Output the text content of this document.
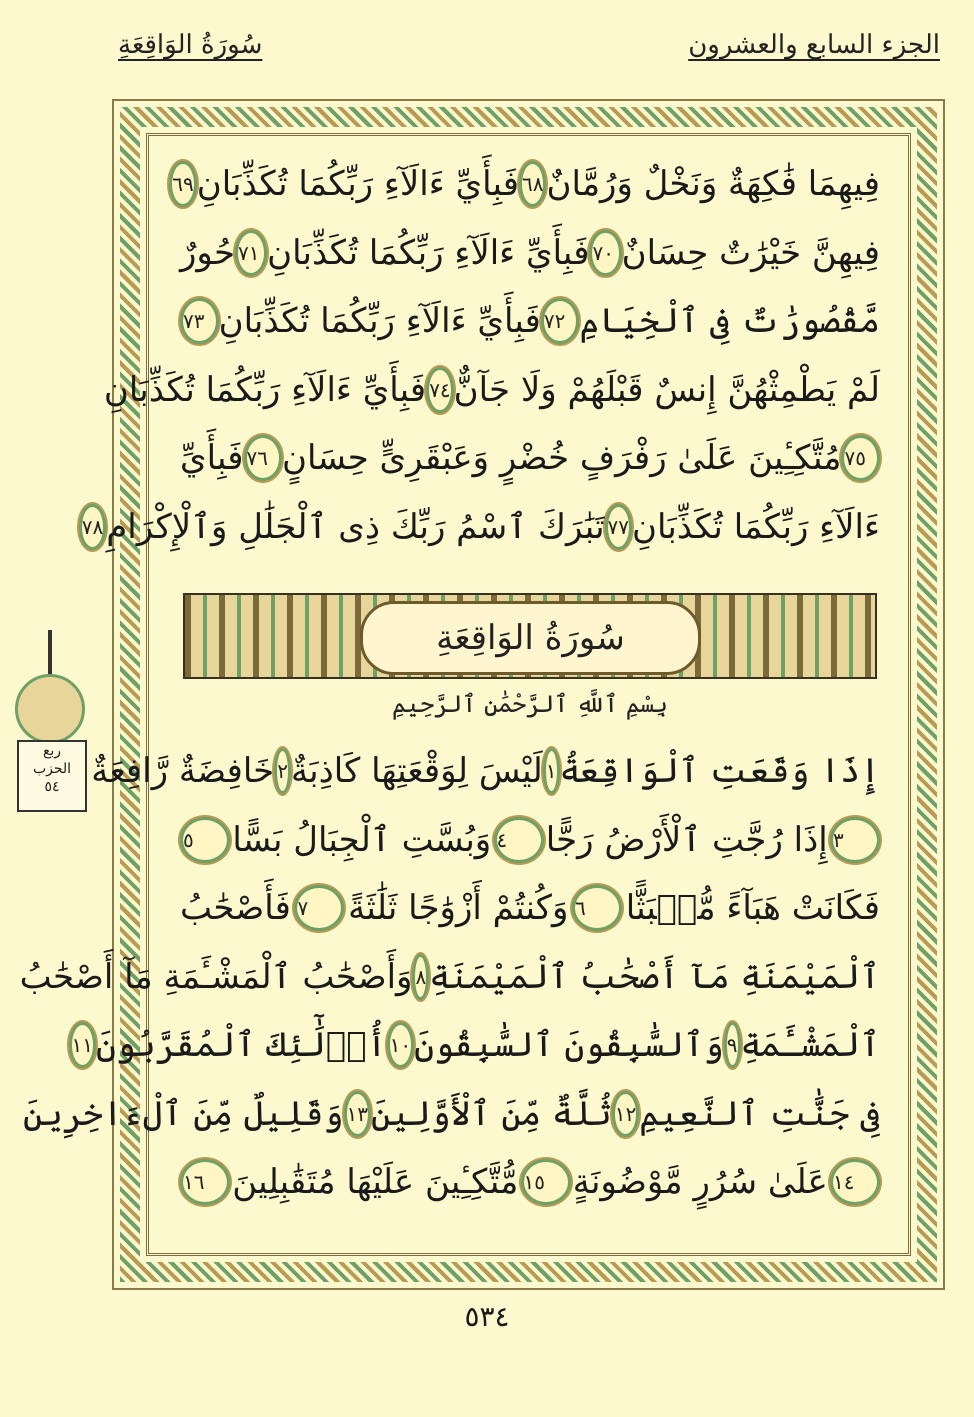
سُورَةُ الوَاقِعَةِ	الجزء السابع والعشرون
فِيهِمَا فَٰكِهَةٌ وَنَخْلٌ وَرُمَّانٌ
٦٨
فَبِأَيِّ ءَالَآءِ رَبِّكُمَا تُكَذِّبَانِ
٦٩
فِيهِنَّ خَيْرَٰتٌ حِسَانٌ
٧٠
فَبِأَيِّ ءَالَآءِ رَبِّكُمَا تُكَذِّبَانِ
٧١
حُورٌ
مَّقْصُورَٰتٌ فِى ٱلْخِيَامِ
٧٢
فَبِأَيِّ ءَالَآءِ رَبِّكُمَا تُكَذِّبَانِ
٧٣
لَمْ يَطْمِثْهُنَّ إِنسٌ قَبْلَهُمْ وَلَا جَآنٌّ
٧٤
فَبِأَيِّ ءَالَآءِ رَبِّكُمَا تُكَذِّبَانِ
٧٥
مُتَّكِـِٔينَ عَلَىٰ رَفْرَفٍ خُضْرٍ وَعَبْقَرِىٍّ حِسَانٍ
٧٦
فَبِأَيِّ
ءَالَآءِ رَبِّكُمَا تُكَذِّبَانِ
٧٧
تَبَٰرَكَ ٱسْمُ رَبِّكَ ذِى ٱلْجَلَٰلِ وَٱلْإِكْرَامِ
٧٨
سُورَةُ الوَاقِعَةِ
بِسْمِ ٱللَّهِ ٱلرَّحْمَٰنِ ٱلرَّحِيمِ
إِذَا وَقَعَتِ ٱلْوَاقِعَةُ
١
لَيْسَ لِوَقْعَتِهَا كَاذِبَةٌ
٢
خَافِضَةٌ رَّافِعَةٌ
٣
إِذَا رُجَّتِ ٱلْأَرْضُ رَجًّا
٤
وَبُسَّتِ ٱلْجِبَالُ بَسًّا
٥
فَكَانَتْ هَبَآءً مُّنۢبَثًّا
٦
وَكُنتُمْ أَزْوَٰجًا ثَلَٰثَةً
٧
فَأَصْحَٰبُ
ٱلْمَيْمَنَةِ مَآ أَصْحَٰبُ ٱلْمَيْمَنَةِ
٨
وَأَصْحَٰبُ ٱلْمَشْـَٔمَةِ مَآ أَصْحَٰبُ
ٱلْمَشْـَٔمَةِ
٩
وَٱلسَّٰبِقُونَ ٱلسَّٰبِقُونَ
١٠
أُو۟لَٰٓئِكَ ٱلْمُقَرَّبُونَ
١١
فِى جَنَّٰتِ ٱلنَّعِيمِ
١٢
ثُلَّةٌ مِّنَ ٱلْأَوَّلِينَ
١٣
وَقَلِيلٌ مِّنَ ٱلْءَاخِرِينَ
١٤
عَلَىٰ سُرُرٍ مَّوْضُونَةٍ
١٥
مُّتَّكِـِٔينَ عَلَيْهَا مُتَقَٰبِلِينَ
١٦
ربع
الحزب
٥٤
٥٣٤
